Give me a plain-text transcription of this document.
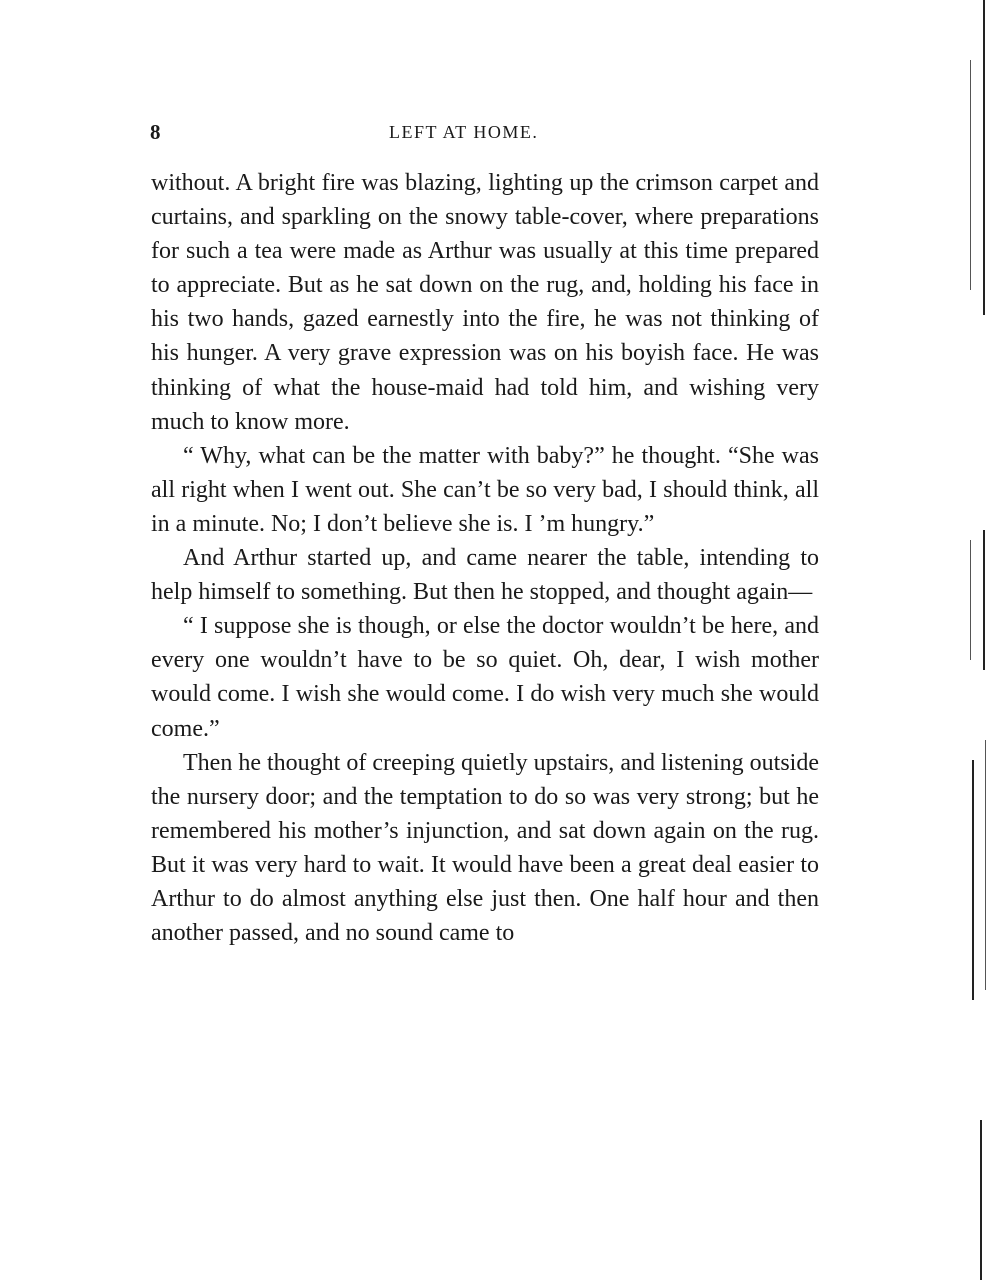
8	LEFT AT HOME.

without. A bright fire was blazing, lighting up the crimson carpet and curtains, and sparkling on the snowy table-cover, where preparations for such a tea were made as Arthur was usually at this time prepared to appreciate. But as he sat down on the rug, and, holding his face in his two hands, gazed earnestly into the fire, he was not thinking of his hunger. A very grave expression was on his boyish face. He was thinking of what the house-maid had told him, and wishing very much to know more.

“ Why, what can be the matter with baby?” he thought. “She was all right when I went out. She can’t be so very bad, I should think, all in a minute. No; I don’t believe she is. I ’m hungry.”

And Arthur started up, and came nearer the table, intending to help himself to something. But then he stopped, and thought again—

“ I suppose she is though, or else the doctor wouldn’t be here, and every one wouldn’t have to be so quiet. Oh, dear, I wish mother would come. I wish she would come. I do wish very much she would come.”

Then he thought of creeping quietly upstairs, and listening outside the nursery door; and the temptation to do so was very strong; but he remembered his mother’s injunction, and sat down again on the rug. But it was very hard to wait. It would have been a great deal easier to Arthur to do almost anything else just then. One half hour and then another passed, and no sound came to
